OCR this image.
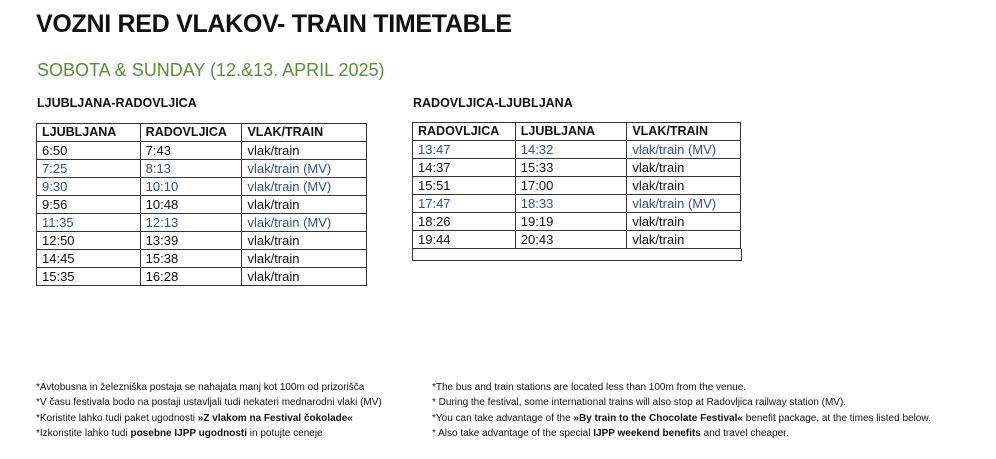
VOZNI RED VLAKOV- TRAIN TIMETABLE
SOBOTA & SUNDAY (12.&13. APRIL 2025)
LJUBLJANA-RADOVLJICA	RADOVLJICA-LJUBLJANA
LJUBLJANA	RADOVLJICA	VLAK/TRAIN
6:50	7:43	vlak/train
7:25	8:13	vlak/train (MV)
9:30	10:10	vlak/train (MV)
9:56	10:48	vlak/train
11:35	12:13	vlak/train (MV)
12:50	13:39	vlak/train
14:45	15:38	vlak/train
15:35	16:28	vlak/train
RADOVLJICA	LJUBLJANA	VLAK/TRAIN
13:47	14:32	vlak/train (MV)
14:37	15:33	vlak/train
15:51	17:00	vlak/train
17:47	18:33	vlak/train (MV)
18:26	19:19	vlak/train
19:44	20:43	vlak/train
*Avtobusna in železniška postaja se nahajata manj kot 100m od prizorišča
*V času festivala bodo na postaji ustavljali tudi nekateri mednarodni vlaki (MV)
*Koristite lahko tudi paket ugodnosti »Z vlakom na Festival čokolade«
*Izkoristite lahko tudi posebne IJPP ugodnosti in potujte ceneje
*The bus and train stations are located less than 100m from the venue.
* During the festival, some international trains will also stop at Radovljica railway station (MV).
*You can take advantage of the »By train to the Chocolate Festival« benefit package, at the times listed below.
* Also take advantage of the special IJPP weekend benefits and travel cheaper.
